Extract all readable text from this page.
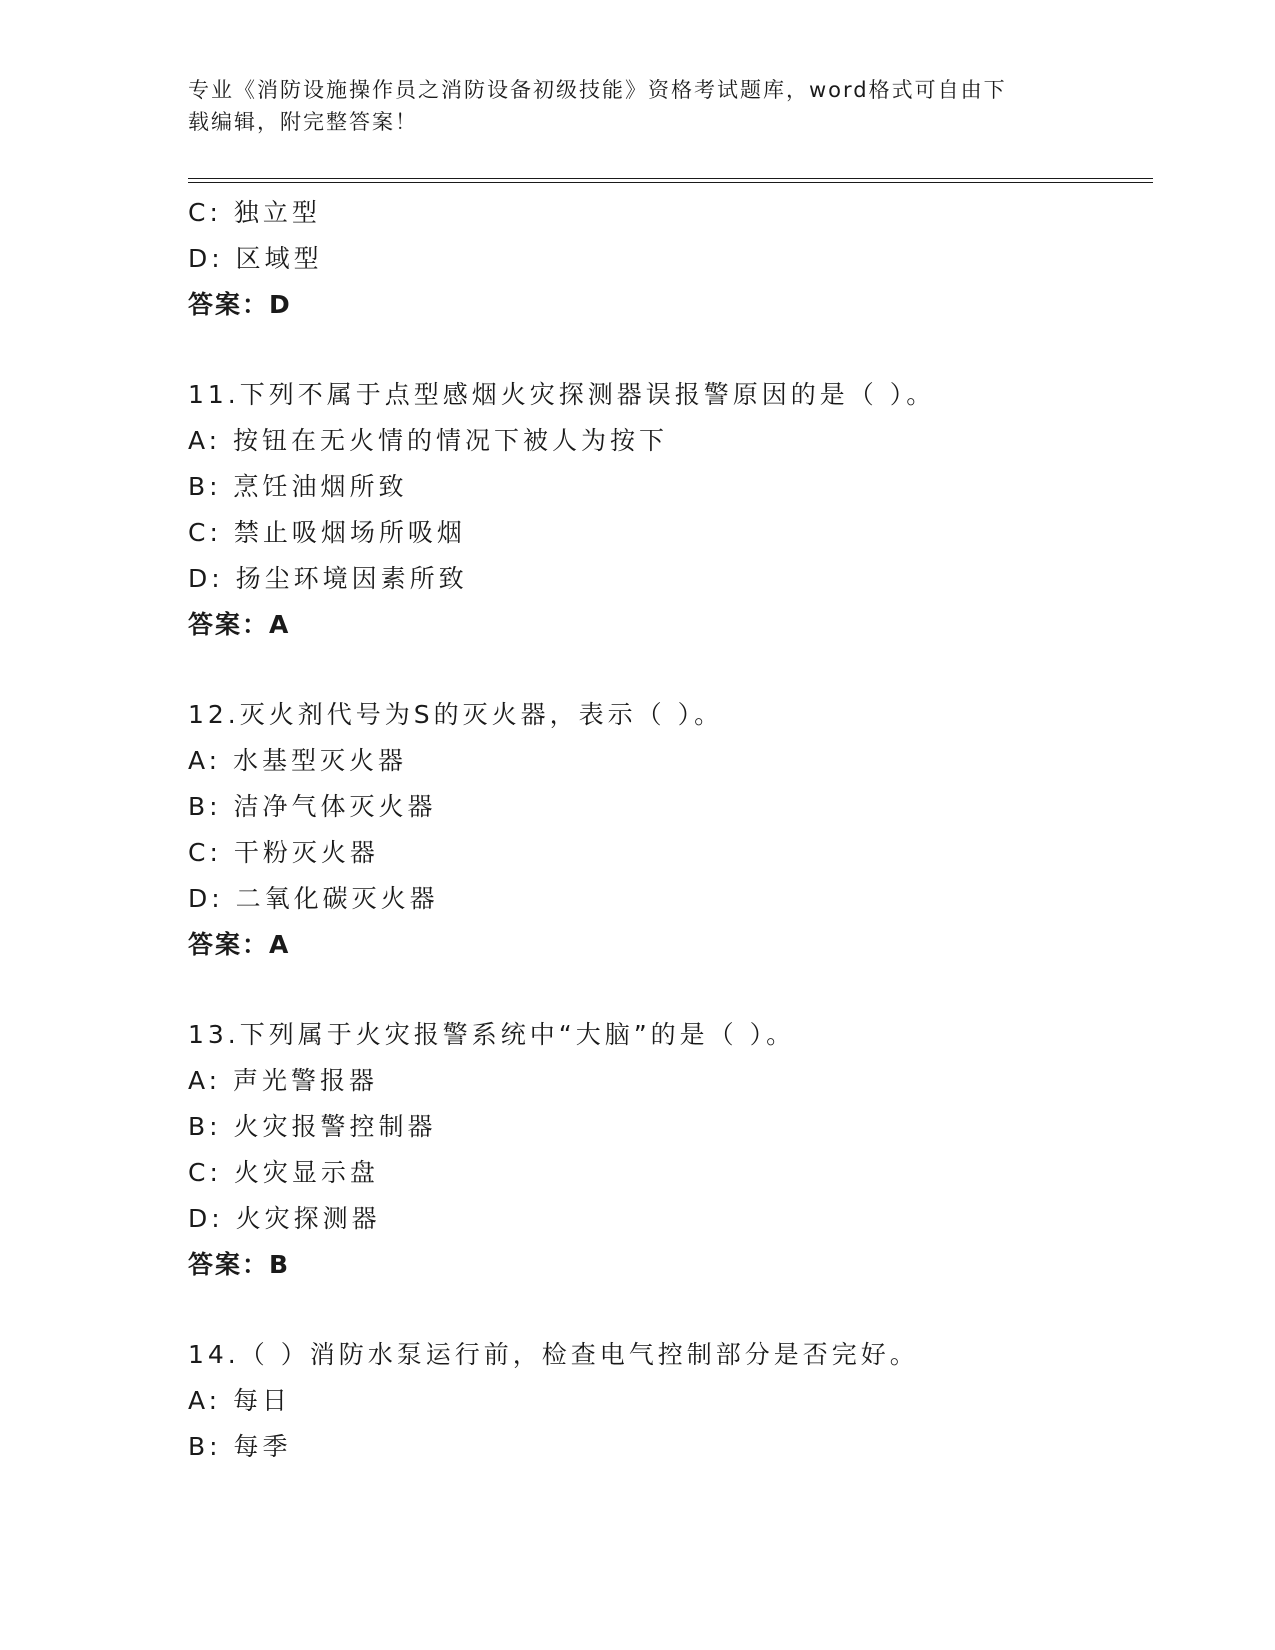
专业《消防设施操作员之消防设备初级技能》资格考试题库，word格式可自由下
载编辑，附完整答案！
C: 独立型
D: 区域型
答案：D
11.下列不属于点型感烟火灾探测器误报警原因的是（ ）。
A: 按钮在无火情的情况下被人为按下
B: 烹饪油烟所致
C: 禁止吸烟场所吸烟
D: 扬尘环境因素所致
答案：A
12.灭火剂代号为S的灭火器，表示（ ）。
A: 水基型灭火器
B: 洁净气体灭火器
C: 干粉灭火器
D: 二氧化碳灭火器
答案：A
13.下列属于火灾报警系统中“大脑”的是（ ）。
A: 声光警报器
B: 火灾报警控制器
C: 火灾显示盘
D: 火灾探测器
答案：B
14.（ ）消防水泵运行前，检查电气控制部分是否完好。
A: 每日
B: 每季
